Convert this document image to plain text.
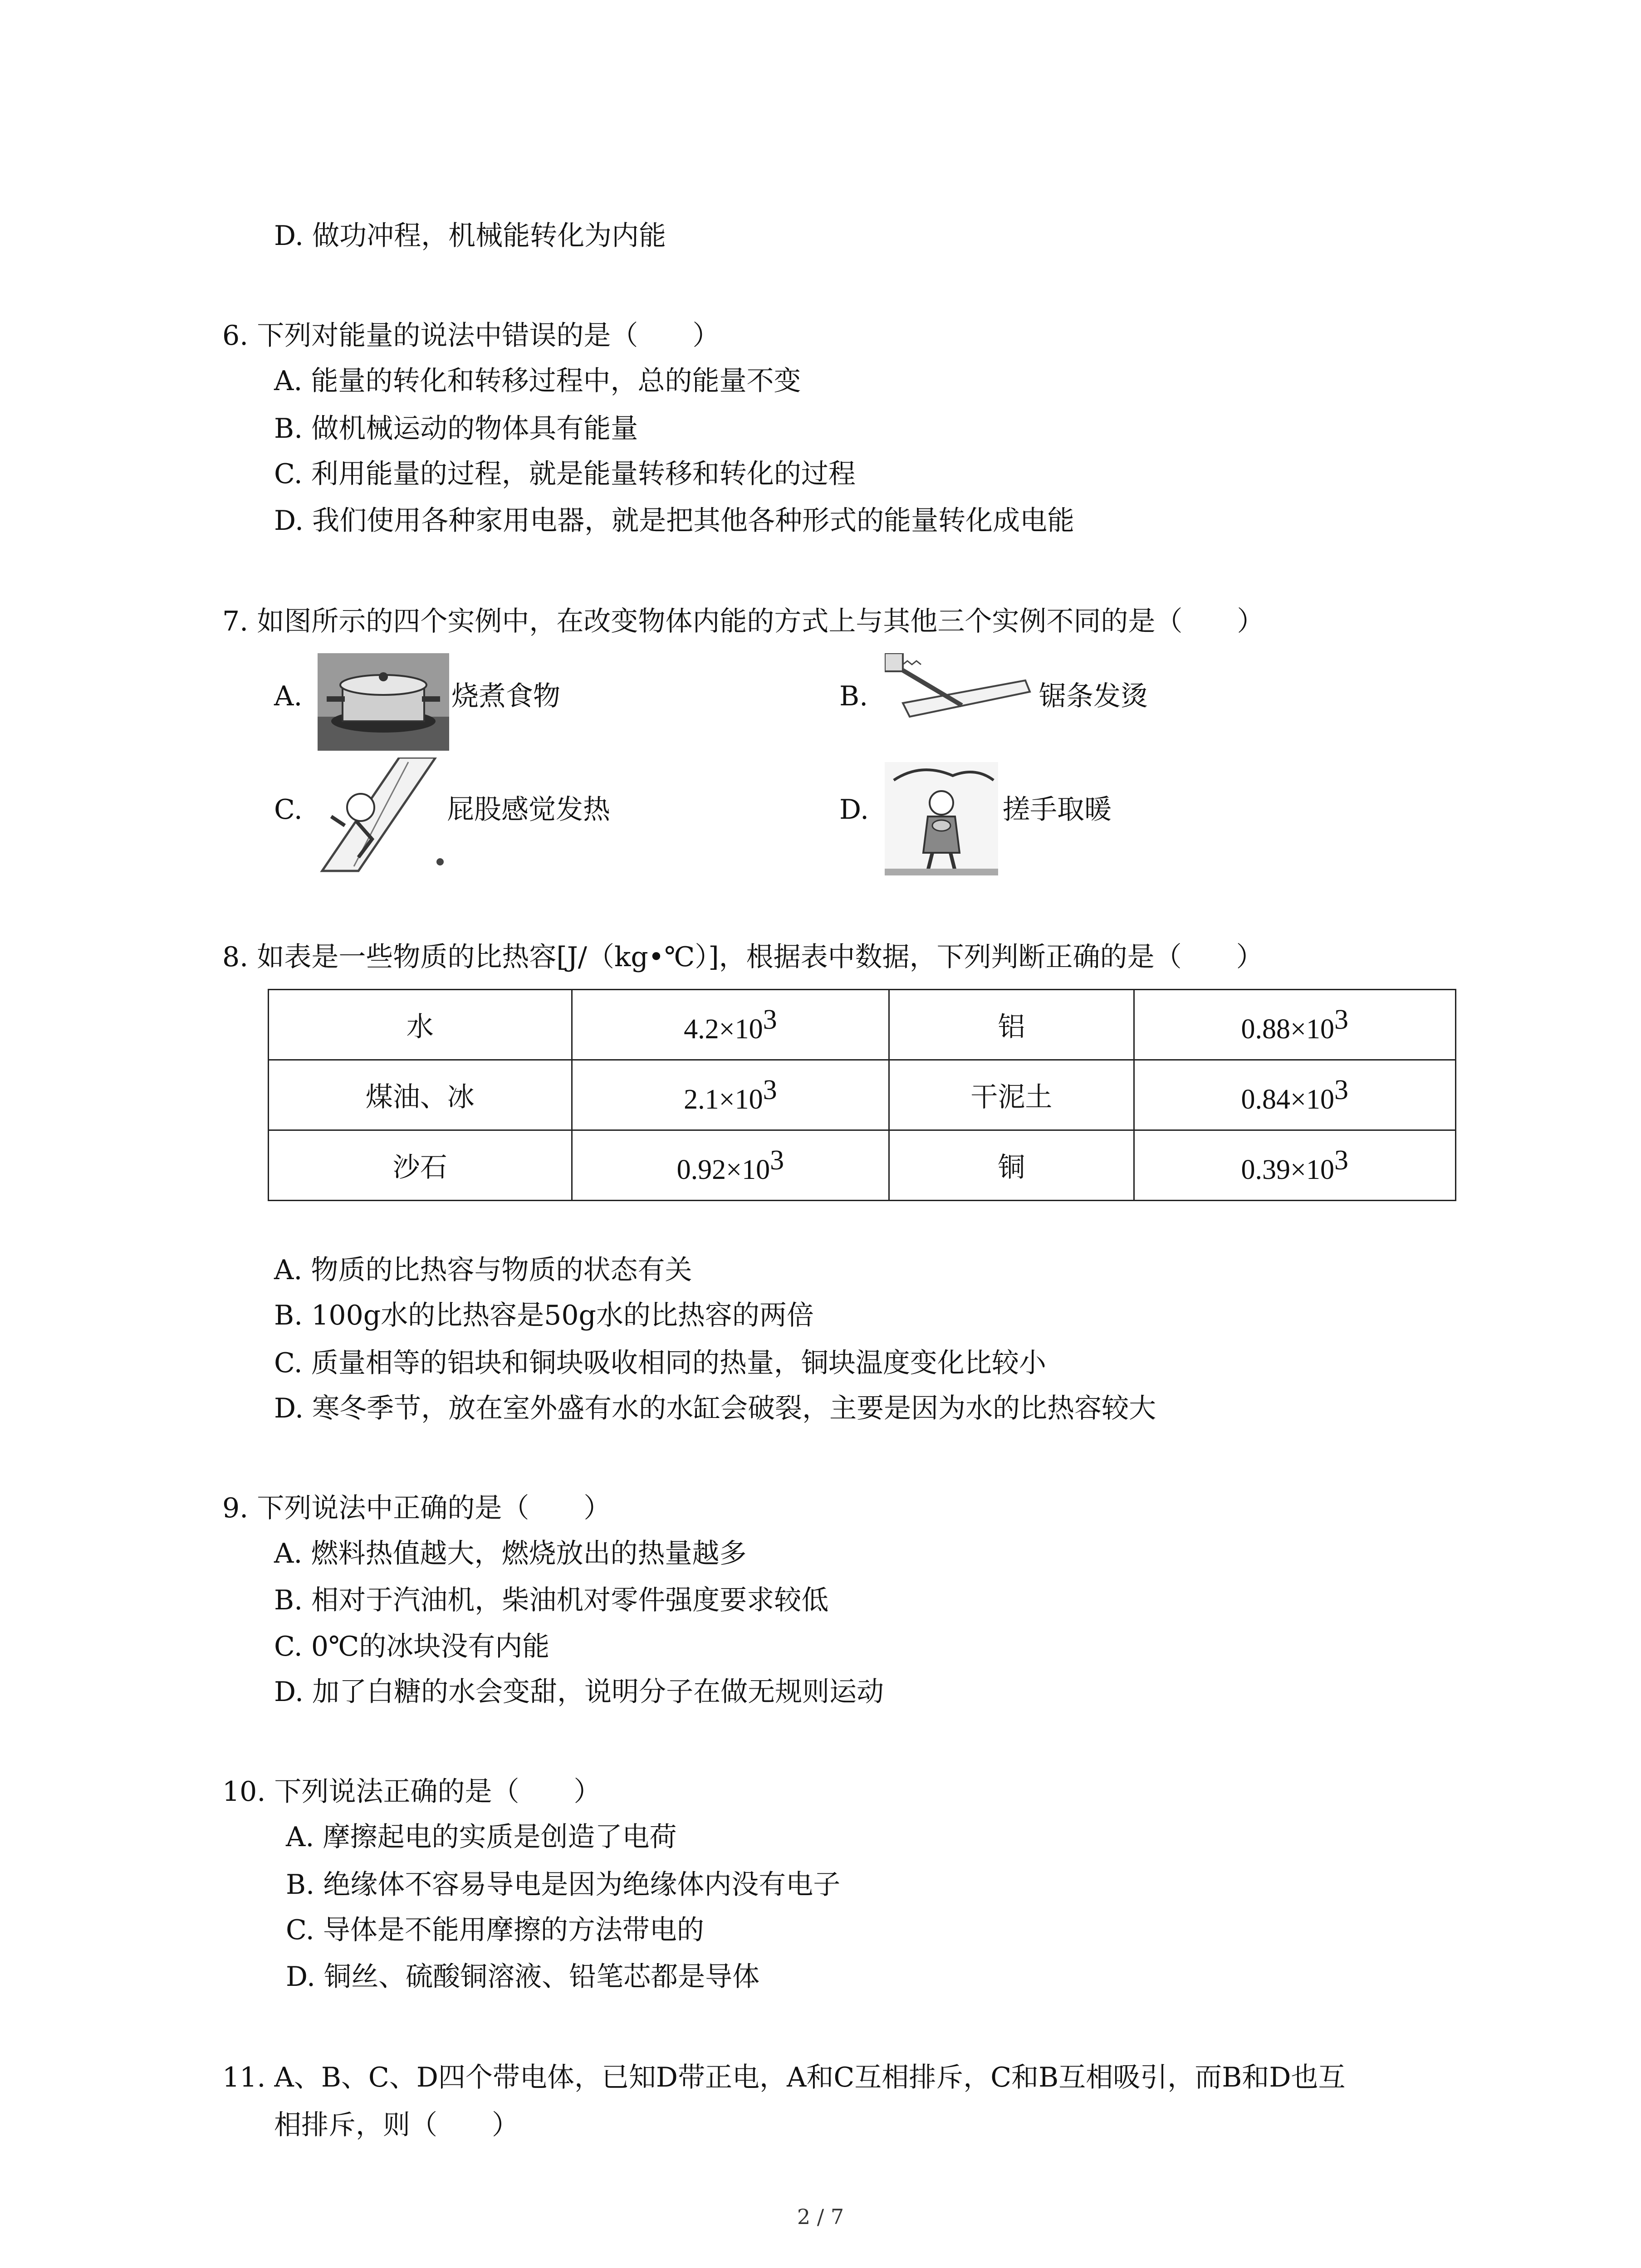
D. 做功冲程，机械能转化为内能
6. 下列对能量的说法中错误的是（　　）
A. 能量的转化和转移过程中，总的能量不变
B. 做机械运动的物体具有能量
C. 利用能量的过程，就是能量转移和转化的过程
D. 我们使用各种家用电器，就是把其他各种形式的能量转化成电能
7. 如图所示的四个实例中，在改变物体内能的方式上与其他三个实例不同的是（　　）
A.	烧煮食物	B.	锯条发烫
C.	屁股感觉发热	D.	搓手取暖
8. 如表是一些物质的比热容[J/（kg•℃）]，根据表中数据，下列判断正确的是（　　）
水	$4.2\times 10^3$	铝	$0.88\times 10^3$
煤油、冰	$2.1\times 10^3$	干泥土	$0.84\times 10^3$
沙石	$0.92\times 10^3$	铜	$0.39\times 10^3$
A. 物质的比热容与物质的状态有关
B. 100g水的比热容是50g水的比热容的两倍
C. 质量相等的铝块和铜块吸收相同的热量，铜块温度变化比较小
D. 寒冬季节，放在室外盛有水的水缸会破裂，主要是因为水的比热容较大
9. 下列说法中正确的是（　　）
A. 燃料热值越大，燃烧放出的热量越多
B. 相对于汽油机，柴油机对零件强度要求较低
C. 0℃的冰块没有内能
D. 加了白糖的水会变甜，说明分子在做无规则运动
10. 下列说法正确的是（　　）
A. 摩擦起电的实质是创造了电荷
B. 绝缘体不容易导电是因为绝缘体内没有电子
C. 导体是不能用摩擦的方法带电的
D. 铜丝、硫酸铜溶液、铅笔芯都是导体
11. A、B、C、D四个带电体，已知D带正电，A和C互相排斥，C和B互相吸引，而B和D也互
相排斥，则（　　）
2 / 7
